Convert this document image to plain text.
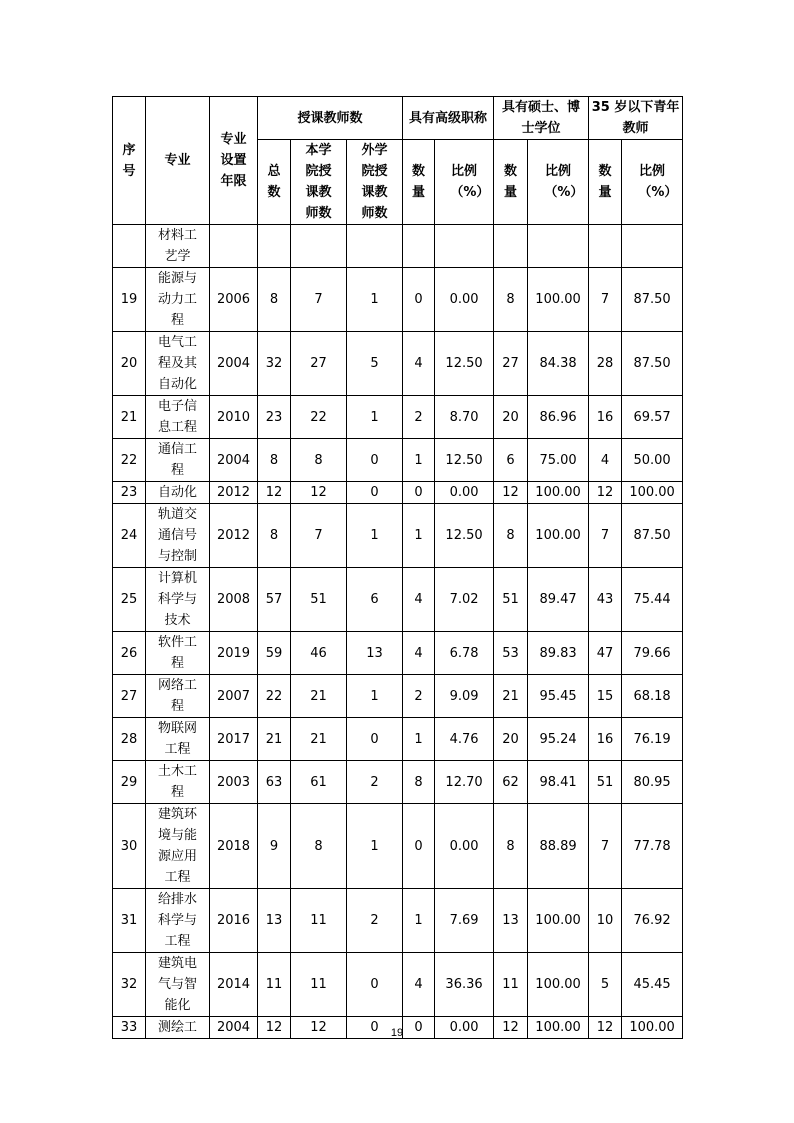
序号	专业	专业设置年限	授课教师数			具有高级职称		具有硕士、博士学位		35 岁以下青年教师	

			总数	本学院授课教师数	外学院授课教师数	数量	比例（%）	数量	比例（%）	数量	比例（%）

	材料工艺学										

19	能源与动力工程	2006	8	7	1	0	0.00	8	100.00	7	87.50
20	电气工程及其自动化	2004	32	27	5	4	12.50	27	84.38	28	87.50
21	电子信息工程	2010	23	22	1	2	8.70	20	86.96	16	69.57
22	通信工程	2004	8	8	0	1	12.50	6	75.00	4	50.00
23	自动化	2012	12	12	0	0	0.00	12	100.00	12	100.00
24	轨道交通信号与控制	2012	8	7	1	1	12.50	8	100.00	7	87.50
25	计算机科学与技术	2008	57	51	6	4	7.02	51	89.47	43	75.44
26	软件工程	2019	59	46	13	4	6.78	53	89.83	47	79.66
27	网络工程	2007	22	21	1	2	9.09	21	95.45	15	68.18
28	物联网工程	2017	21	21	0	1	4.76	20	95.24	16	76.19
29	土木工程	2003	63	61	2	8	12.70	62	98.41	51	80.95
30	建筑环境与能源应用工程	2018	9	8	1	0	0.00	8	88.89	7	77.78
31	给排水科学与工程	2016	13	11	2	1	7.69	13	100.00	10	76.92
32	建筑电气与智能化	2014	11	11	0	4	36.36	11	100.00	5	45.45
33	测绘工	2004	12	12	0	0	0.00	12	100.00	12	100.00
19
